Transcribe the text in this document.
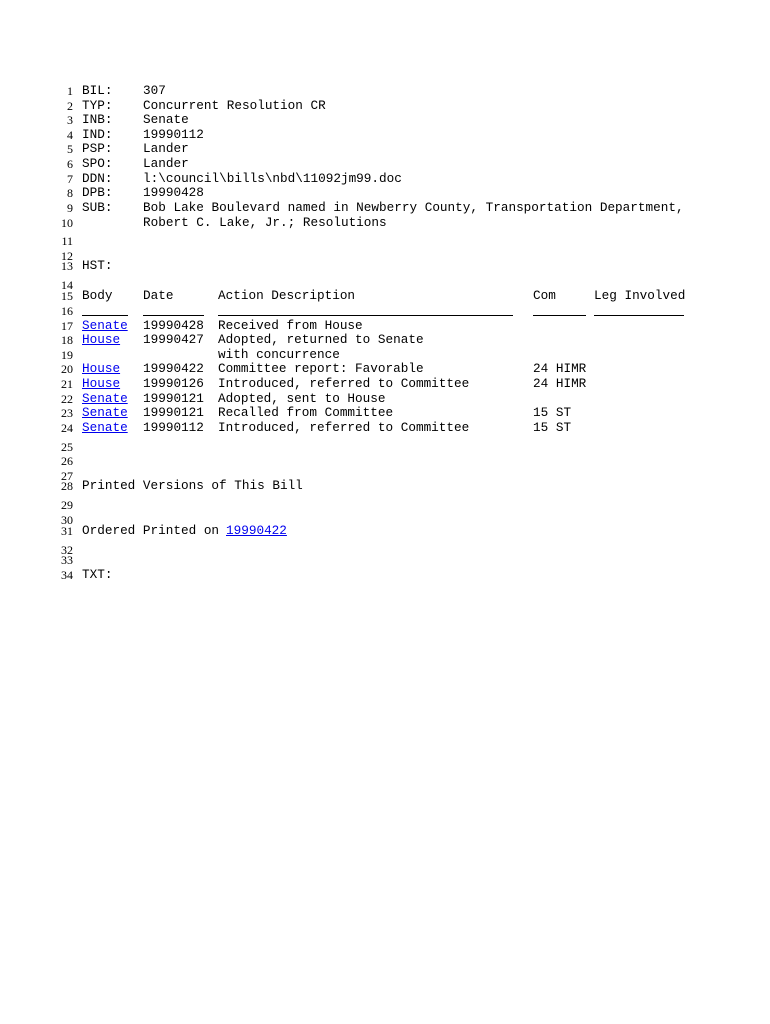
1
2
3
4
5
6
7
8
9
10
11
12
13
14
15
16
17
18
19
20
21
22
23
24
25
26
27
28
29
30
31
32
33
34
BIL: 307
TYP: Concurrent Resolution CR
INB: Senate
IND: 19990112
PSP: Lander
SPO: Lander
DDN: l:\council\bills\nbd\11092jm99.doc
DPB: 19990428
SUB: Bob Lake Boulevard named in Newberry County, Transportation Department,
Robert C. Lake, Jr.; Resolutions
HST:
Body Date	Action Description	Com	Leg Involved
Senate 19990428 Received from House
House 19990427 Adopted, returned to Senate
with concurrence
House 19990422 Committee report: Favorable	24 HIMR
House 19990126 Introduced, referred to Committee	24 HIMR
Senate 19990121 Adopted, sent to House
Senate 19990121 Recalled from Committee	15 ST
Senate 19990112 Introduced, referred to Committee	15 ST
Printed Versions of This Bill
Ordered Printed on 19990422
TXT:
